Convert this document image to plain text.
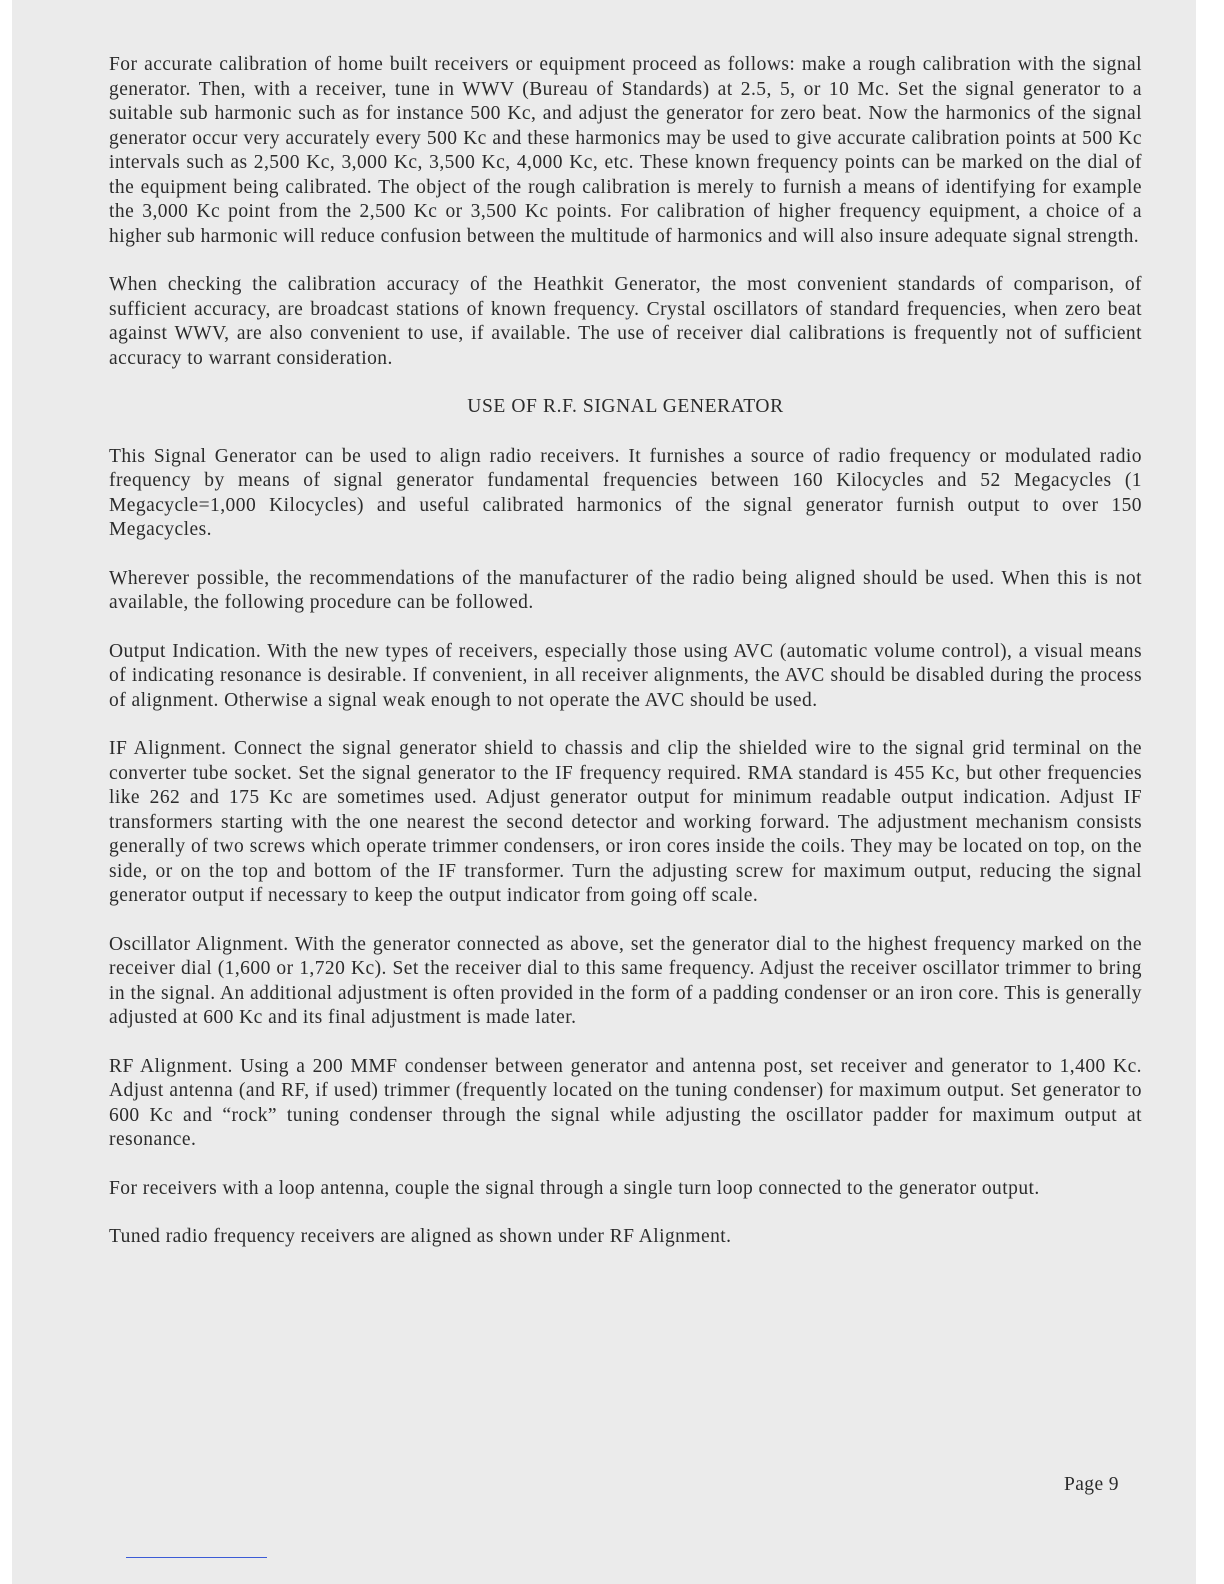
For accurate calibration of home built receivers or equipment proceed as follows: make a rough calibration with the signal generator. Then, with a receiver, tune in WWV (Bureau of Standards) at 2.5, 5, or 10 Mc. Set the signal generator to a suitable sub harmonic such as for instance 500 Kc, and adjust the generator for zero beat. Now the harmonics of the signal generator occur very accurately every 500 Kc and these harmonics may be used to give accurate calibration points at 500 Kc intervals such as 2,500 Kc, 3,000 Kc, 3,500 Kc, 4,000 Kc, etc. These known frequency points can be marked on the dial of the equipment being calibrated. The object of the rough calibration is merely to furnish a means of identifying for example the 3,000 Kc point from the 2,500 Kc or 3,500 Kc points. For calibration of higher frequency equipment, a choice of a higher sub harmonic will reduce confusion between the multitude of harmonics and will also insure adequate signal strength.

When checking the calibration accuracy of the Heathkit Generator, the most convenient standards of comparison, of sufficient accuracy, are broadcast stations of known frequency. Crystal oscillators of standard frequencies, when zero beat against WWV, are also convenient to use, if available. The use of receiver dial calibrations is frequently not of sufficient accuracy to warrant consideration.

USE OF R.F. SIGNAL GENERATOR

This Signal Generator can be used to align radio receivers. It furnishes a source of radio frequency or modulated radio frequency by means of signal generator fundamental frequencies between 160 Kilocycles and 52 Megacycles (1 Megacycle=1,000 Kilocycles) and useful calibrated harmonics of the signal generator furnish output to over 150 Megacycles.

Wherever possible, the recommendations of the manufacturer of the radio being aligned should be used. When this is not available, the following procedure can be followed.

Output Indication. With the new types of receivers, especially those using AVC (automatic volume control), a visual means of indicating resonance is desirable. If convenient, in all receiver alignments, the AVC should be disabled during the process of alignment. Otherwise a signal weak enough to not operate the AVC should be used.

IF Alignment. Connect the signal generator shield to chassis and clip the shielded wire to the signal grid terminal on the converter tube socket. Set the signal generator to the IF frequency required. RMA standard is 455 Kc, but other frequencies like 262 and 175 Kc are sometimes used. Adjust generator output for minimum readable output indication. Adjust IF transformers starting with the one nearest the second detector and working forward. The adjustment mechanism consists generally of two screws which operate trimmer condensers, or iron cores inside the coils. They may be located on top, on the side, or on the top and bottom of the IF transformer. Turn the adjusting screw for maximum output, reducing the signal generator output if necessary to keep the output indicator from going off scale.

Oscillator Alignment. With the generator connected as above, set the generator dial to the highest frequency marked on the receiver dial (1,600 or 1,720 Kc). Set the receiver dial to this same frequency. Adjust the receiver oscillator trimmer to bring in the signal. An additional adjustment is often provided in the form of a padding condenser or an iron core. This is generally adjusted at 600 Kc and its final adjustment is made later.

RF Alignment. Using a 200 MMF condenser between generator and antenna post, set receiver and generator to 1,400 Kc. Adjust antenna (and RF, if used) trimmer (frequently located on the tuning condenser) for maximum output. Set generator to 600 Kc and “rock” tuning condenser through the signal while adjusting the oscillator padder for maximum output at resonance.

For receivers with a loop antenna, couple the signal through a single turn loop connected to the generator output.

Tuned radio frequency receivers are aligned as shown under RF Alignment.

Page 9
